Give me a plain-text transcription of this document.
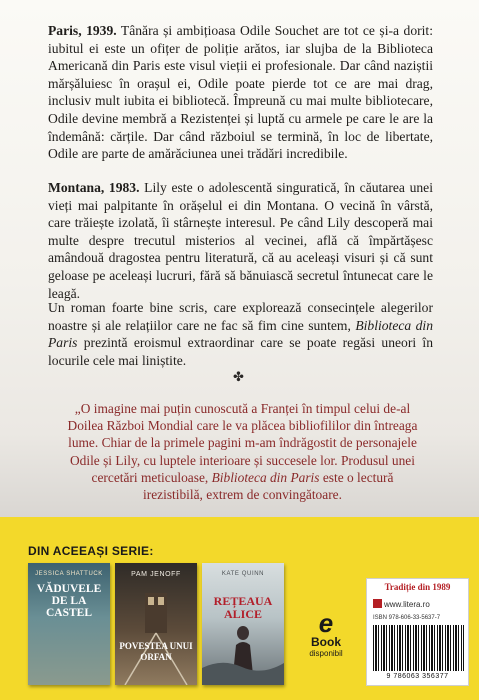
Paris, 1939. Tânăra și ambițioasa Odile Souchet are tot ce și-a dorit: iubitul ei este un ofițer de poliție arătos, iar slujba de la Biblioteca Americană din Paris este visul vieții ei profesionale. Dar când naziștii mărșăluiesc în orașul ei, Odile poate pierde tot ce are mai drag, inclusiv mult iubita ei bibliotecă. Împreună cu mai multe bibliotecare, Odile devine membră a Rezistenței și luptă cu armele pe care le are la îndemână: cărțile. Dar când războiul se termină, în loc de libertate, Odile are parte de amărăciunea unei trădări incredibile.

Montana, 1983. Lily este o adolescentă singuratică, în căutarea unei vieți mai palpitante în orășelul ei din Montana. O vecină în vârstă, care trăiește izolată, îi stârnește interesul. Pe când Lily descoperă mai multe despre trecutul misterios al vecinei, află că împărtășesc amândouă dragostea pentru literatură, că au aceleași visuri și că sunt geloase pe aceleași lucruri, fără să bănuiască secretul întunecat care le leagă.

Un roman foarte bine scris, care explorează consecințele alegerilor noastre și ale relațiilor care ne fac să fim cine suntem, Biblioteca din Paris prezintă eroismul extraordinar care se poate regăsi uneori în locurile cele mai liniștite.

✤

„O imagine mai puțin cunoscută a Franței în timpul celui de-al Doilea Război Mondial care le va plăcea bibliofililor din întreaga lume. Chiar de la primele pagini m-am îndrăgostit de personajele Odile și Lily, cu luptele interioare și succesele lor. Produsul unei cercetări meticuloase, Biblioteca din Paris este o lectură irezistibilă, extrem de convingătoare.

DIN ACEEAȘI SERIE:
JESSICA SHATTUCK
VĂDUVELE DE LA CASTEL
PAM JENOFF
POVESTEA UNUI ORFAN
KATE QUINN
REȚEAUA ALICE	e
Book
disponibil
Tradiție din 1989
www.litera.ro
ISBN 978-606-33-5637-7
9 786063 356377
